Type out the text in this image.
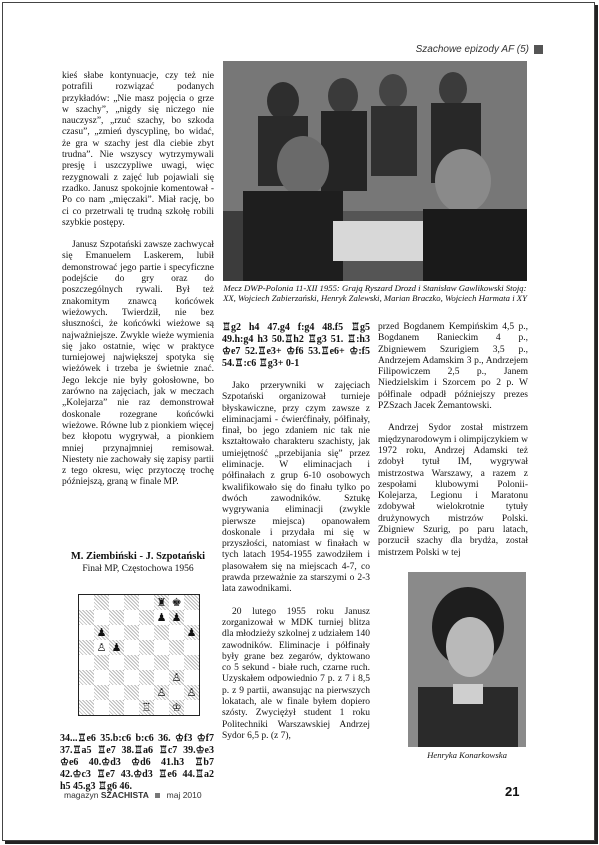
Szachowe epizody AF (5)

kieś słabe kontynuacje, czy też nie potrafili rozwiązać podanych przykładów: „Nie masz pojęcia o grze w szachy”, „nigdy się niczego nie nauczysz”, „rzuć szachy, bo szkoda czasu”, „zmień dyscyplinę, bo widać, że gra w szachy jest dla ciebie zbyt trudna”. Nie wszyscy wytrzymywali presję i uszczypliwe uwagi, więc rezygnowali z zajęć lub pojawiali się rzadko. Janusz spokojnie komentował - Po co nam „mięczaki”. Miał rację, bo ci co przetrwali tę trudną szkołę robili szybkie postępy.

Janusz Szpotański zawsze zachwycał się Emanuelem Laskerem, lubił demonstrować jego partie i specyficzne podejście do gry oraz do poszczególnych rywali. Był też znakomitym znawcą końcówek wieżowych. Twierdził, nie bez słuszności, że końcówki wieżowe są najważniejsze. Zwykle wieże wymienia się jako ostatnie, więc w praktyce turniejowej największej spotyka się wieżówek i trzeba je świetnie znać. Jego lekcje nie były gołosłowne, bo zarówno na zajęciach, jak w meczach „Kolejarza” nie raz demonstrował doskonale rozegrane końcówki wieżowe. Równe lub z pionkiem więcej bez kłopotu wygrywał, a pionkiem mniej przynajmniej remisował. Niestety nie zachowały się zapisy partii z tego okresu, więc przytoczę trochę późniejszą, graną w finale MP.

M. Ziembiński - J. Szpotański
Finał MP, Częstochowa 1956
♜ ♚
♟ ♟
♟	♟
♙ ♟
♙
♙ ♙
♖ ♔
34...♖e6 35.b:c6 b:c6 36. ♔f3 ♔f7 37.♖a5 ♖e7 38.♖a6 ♖c7 39.♔e3 ♔e6 40.♔d3 ♔d6 41.h3 ♖b7 42.♔c3 ♖e7 43.♔d3 ♖e6 44.♖a2 h5 45.g3 ♖g6 46.
Mecz DWP-Polonia 11-XII 1955: Grają Ryszard Drozd i Stanisław Gawlikowski Stoją: XX, Wojciech Zabierzański, Henryk Zalewski, Marian Braczko, Wojciech Harmata i XY
♖g2 h4 47.g4 f:g4 48.f5 ♖g5 49.h:g4 h3 50.♖h2 ♖g3 51. ♖:h3 ♔e7 52.♖e3+ ♔f6 53.♖e6+ ♔:f5 54.♖:c6 ♖g3+ 0-1

Jako przerywniki w zajęciach Szpotański organizował turnieje błyskawiczne, przy czym zawsze z eliminacjami - ćwierćfinały, półfinały, finał, bo jego zdaniem nic tak nie kształtowało charakteru szachisty, jak umiejętność „przebijania się” przez eliminacje. W eliminacjach i półfinałach z grup 6-10 osobowych kwalifikowało się do finału tylko po dwóch zawodników. Sztukę wygrywania eliminacji (zwykle pierwsze miejsca) opanowałem doskonale i przydała mi się w przyszłości, natomiast w finałach w tych latach 1954-1955 zawodziłem i plasowałem się na miejscach 4-7, co prawda przeważnie za starszymi o 2-3 lata zawodnikami.

20 lutego 1955 roku Janusz zorganizował w MDK turniej blitza dla młodzieży szkolnej z udziałem 140 zawodników. Eliminacje i półfinały były grane bez zegarów, dyktowano co 5 sekund - białe ruch, czarne ruch. Uzyskałem odpowiednio 7 p. z 7 i 8,5 p. z 9 partii, awansując na pierwszych lokatach, ale w finale byłem dopiero szósty. Zwyciężył student 1 roku Politechniki Warszawskiej Andrzej Sydor 6,5 p. (z 7),

przed Bogdanem Kempińskim 4,5 p., Bogdanem Ranieckim 4 p., Zbigniewem Szurigiem 3,5 p., Andrzejem Adamskim 3 p., Andrzejem Filipowiczem 2,5 p., Janem Niedzielskim i Szorcem po 2 p. W półfinale odpadł późniejszy prezes PZSzach Jacek Żemantowski.

Andrzej Sydor został mistrzem międzynarodowym i olimpijczykiem w 1972 roku, Andrzej Adamski też zdobył tytuł IM, wygrywał mistrzostwa Warszawy, a razem z zespołami klubowymi Polonii-Kolejarza, Legionu i Maratonu zdobywał wielokrotnie tytuły drużynowych mistrzów Polski. Zbigniew Szurig, po paru latach, porzucił szachy dla brydża, został mistrzem Polski w tej

Henryka Konarkowska
magazyn SZACHISTA maj 2010	21
